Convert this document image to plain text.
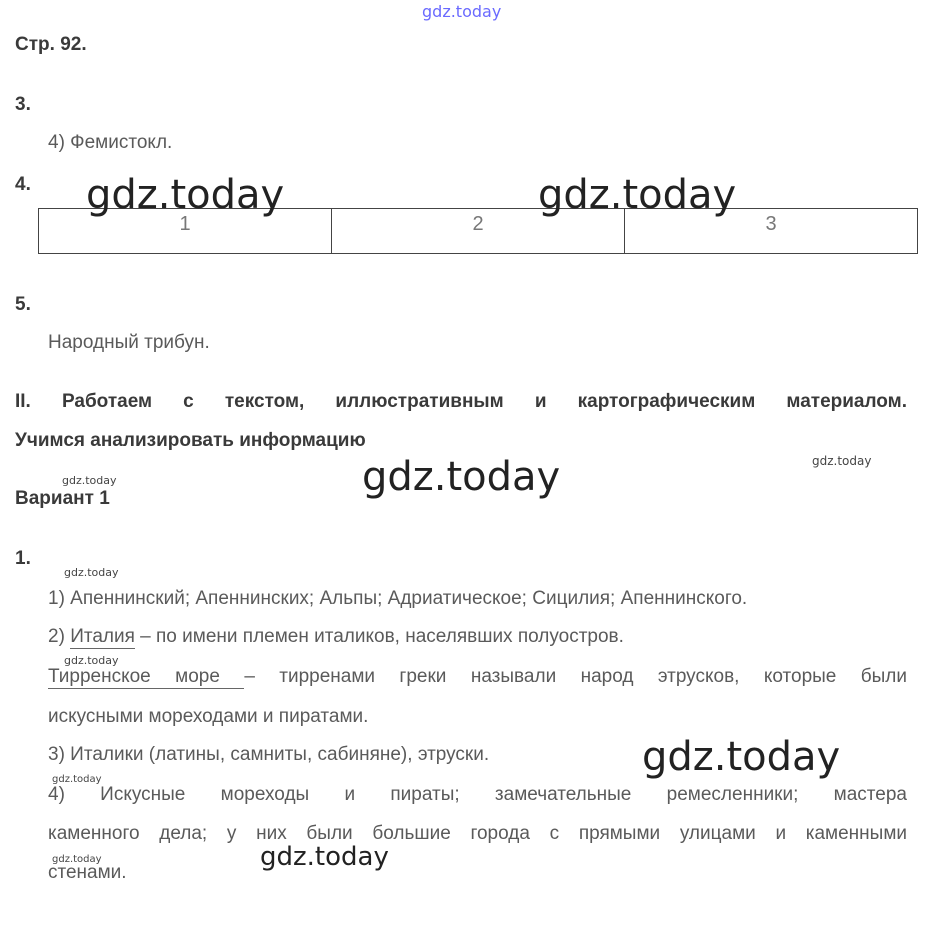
gdz.today
Стр. 92.
3.
4) Фемистокл.
4.
1	2	3
gdz.today	gdz.today
5.
Народный трибун.
II. Работаем с текстом, иллюстративным и картографическим материалом.
Учимся анализировать информацию
gdz.today	gdz.today	gdz.today
Вариант 1
1.
gdz.today
1) Апеннинский; Апеннинских; Альпы; Адриатическое; Сицилия; Апеннинского.
2) Италия – по имени племен италиков, населявших полуостров.
gdz.today
Тирренское море – тирренами греки называли народ этрусков, которые были
искусными мореходами и пиратами.
3) Италики (латины, самниты, сабиняне), этруски.	gdz.today
gdz.today
4) Искусные мореходы и пираты; замечательные ремесленники; мастера
каменного дела; у них были большие города с прямыми улицами и каменными
gdz.today	gdz.today
стенами.
